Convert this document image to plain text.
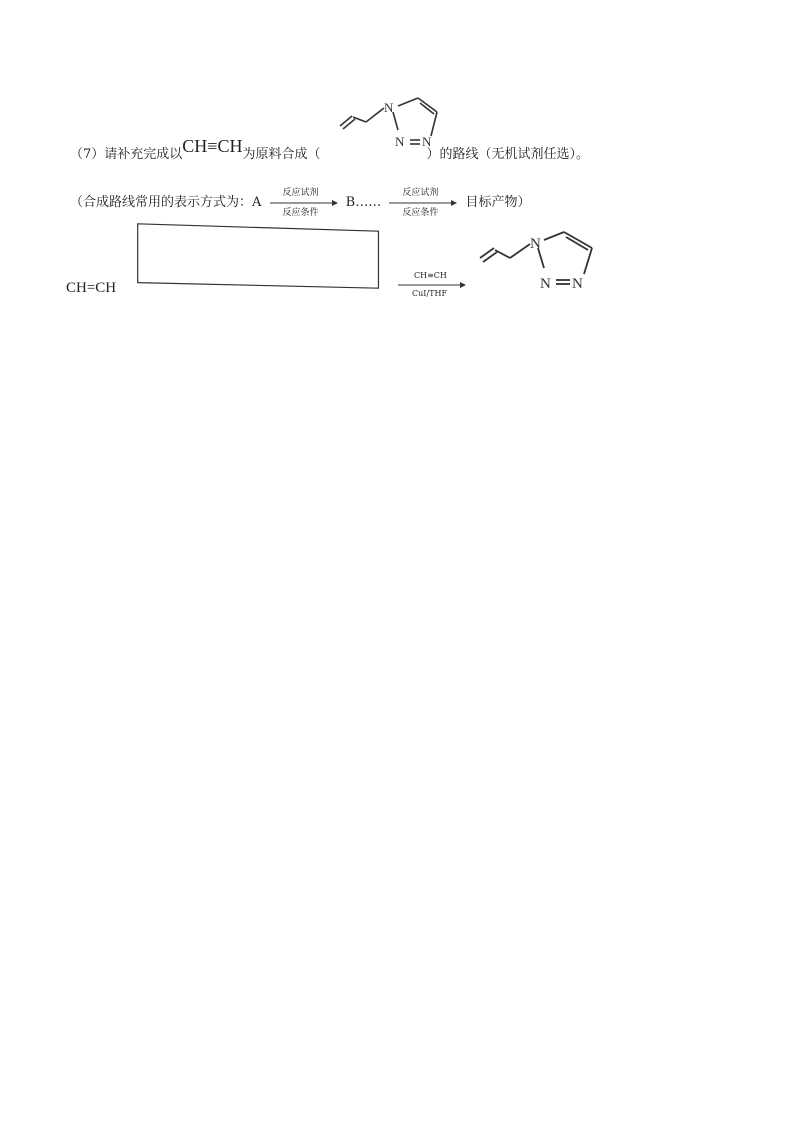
（7）请补充完成以CH≡CH为原料合成（	）的路线（无机试剂任选）。
N
N N
（合成路线常用的表示方式为：A
反应试剂
反应条件
B……
反应试剂
反应条件
目标产物）
CH=CH
CH≡CH
CuI/THF
N
N N
